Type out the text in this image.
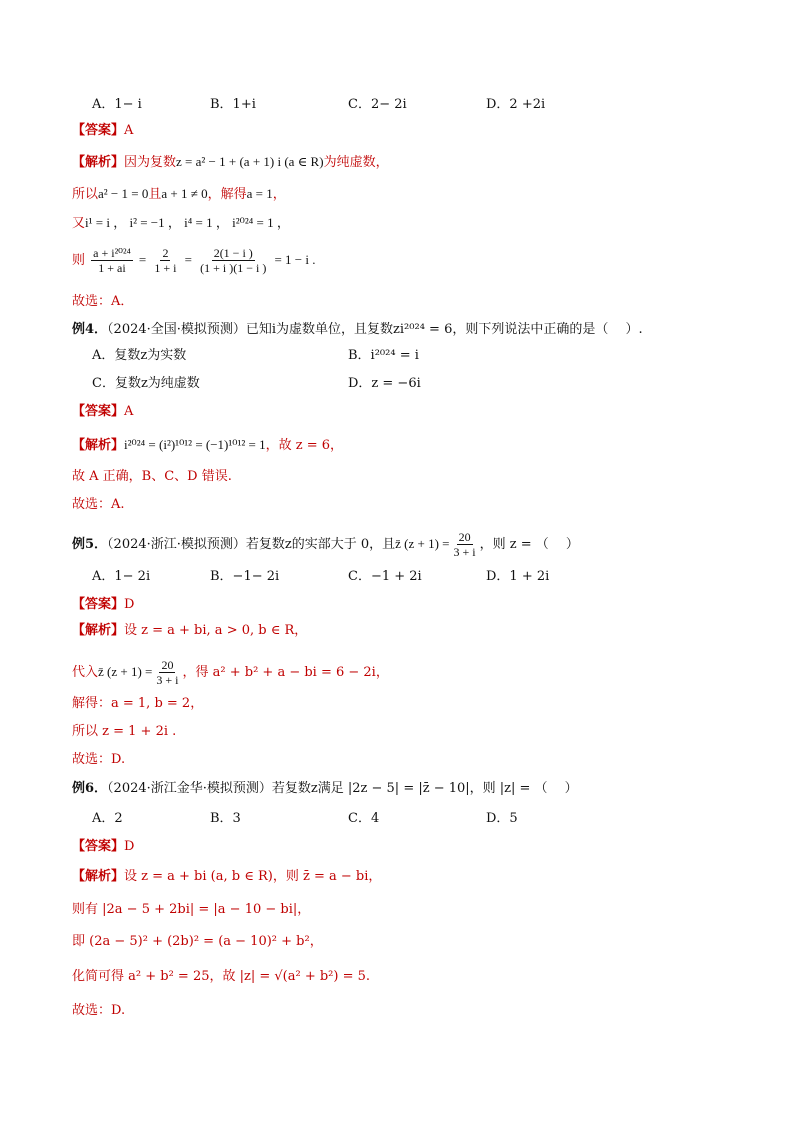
A．1− i	B．1+i	C．2− 2i	D．2 +2i
【答案】A
【解析】因为复数z = a² − 1 + (a + 1) i (a ∈ R)为纯虚数，
所以a² − 1 = 0且a + 1 ≠ 0，解得a = 1，
又i¹ = i ， i² = −1 ， i⁴ = 1 ， i²⁰²⁴ = 1 ，
则 $\frac{\text{a + i²⁰²⁴}}{1 + ai} = \frac{2}{1 + i} = \frac{2(1 - i )}{(1 + i )(1 - i )} = 1 - i$ .
故选：A．
例4．（2024·全国·模拟预测）已知i为虚数单位，且复数zi²⁰²⁴ = 6，则下列说法中正确的是（　 ）.
A．复数z为实数	B．i²⁰²⁴ = i
C．复数z为纯虚数	D．z = −6i
【答案】A
【解析】i²⁰²⁴ = (i²)¹⁰¹² = (−1)¹⁰¹² = 1，故 z = 6，
故 A 正确，B、C、D 错误.
故选：A.
例5．（2024·浙江·模拟预测）若复数z的实部大于 0，且z̄ $(z + 1) = \frac{20}{3 + i}$ ，则 z = （　 ）
A．1− 2i	B．−1− 2i	C．−1 + 2i	D．1 + 2i
【答案】D
【解析】设 z = a + bi, a > 0, b ∈ R，
代入z̄ $(z + 1) = \frac{20}{3 + i}$ ，得 a² + b² + a − bi = 6 − 2i，
解得：a = 1, b = 2，
所以 z = 1 + 2i .
故选：D.
例6．（2024·浙江金华·模拟预测）若复数z满足 |2z − 5| = |z̄ − 10|，则 |z| = （　 ）
A．2	B．3	C．4	D．5
【答案】D
【解析】设 z = a + bi (a, b ∈ R)，则 z̄ = a − bi，
则有 |2a − 5 + 2bi| = |a − 10 − bi|，
即 (2a − 5)² + (2b)² = (a − 10)² + b²，
化简可得 a² + b² = 25，故 |z| = √(a² + b²) = 5.
故选：D.
